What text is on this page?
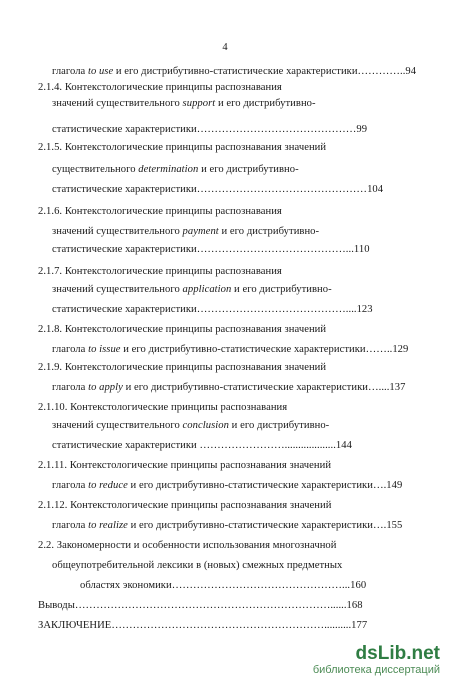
4
глагола to use и его дистрибутивно-статистические характеристики…………..94
2.1.4. Контекстологические принципы распознавания
значений существительного support и его дистрибутивно-
статистические характеристики………………………………………99
2.1.5. Контекстологические принципы распознавания значений
существительного determination и его дистрибутивно-
статистические характеристики…………………………………………104
2.1.6. Контекстологические принципы распознавания
значений существительного payment и его дистрибутивно-
статистические характеристики……………………………………...110
2.1.7. Контекстологические принципы распознавания
значений существительного application и его дистрибутивно-
статистические характеристики……………………………………....123
2.1.8. Контекстологические принципы распознавания значений
глагола to issue и его дистрибутивно-статистические характеристики……..129
2.1.9. Контекстологические принципы распознавания значений
глагола to apply и его дистрибутивно-статистические характеристики…....137
2.1.10. Контекстологические принципы распознавания
значений существительного conclusion и его дистрибутивно-
статистические характеристики ……………………...................144
2.1.11. Контекстологические принципы распознавания значений
глагола to reduce и его дистрибутивно-статистические характеристики….149
2.1.12. Контекстологические принципы распознавания значений
глагола to realize и его дистрибутивно-статистические характеристики….155
2.2. Закономерности и особенности использования многозначной
общеупотребительной лексики в (новых) смежных предметных
областях экономики…………………………………………...160
Выводы………………………………………………………………......168
ЗАКЛЮЧЕНИЕ……………………………………………………..........177
dsLib.net
библиотека диссертаций
